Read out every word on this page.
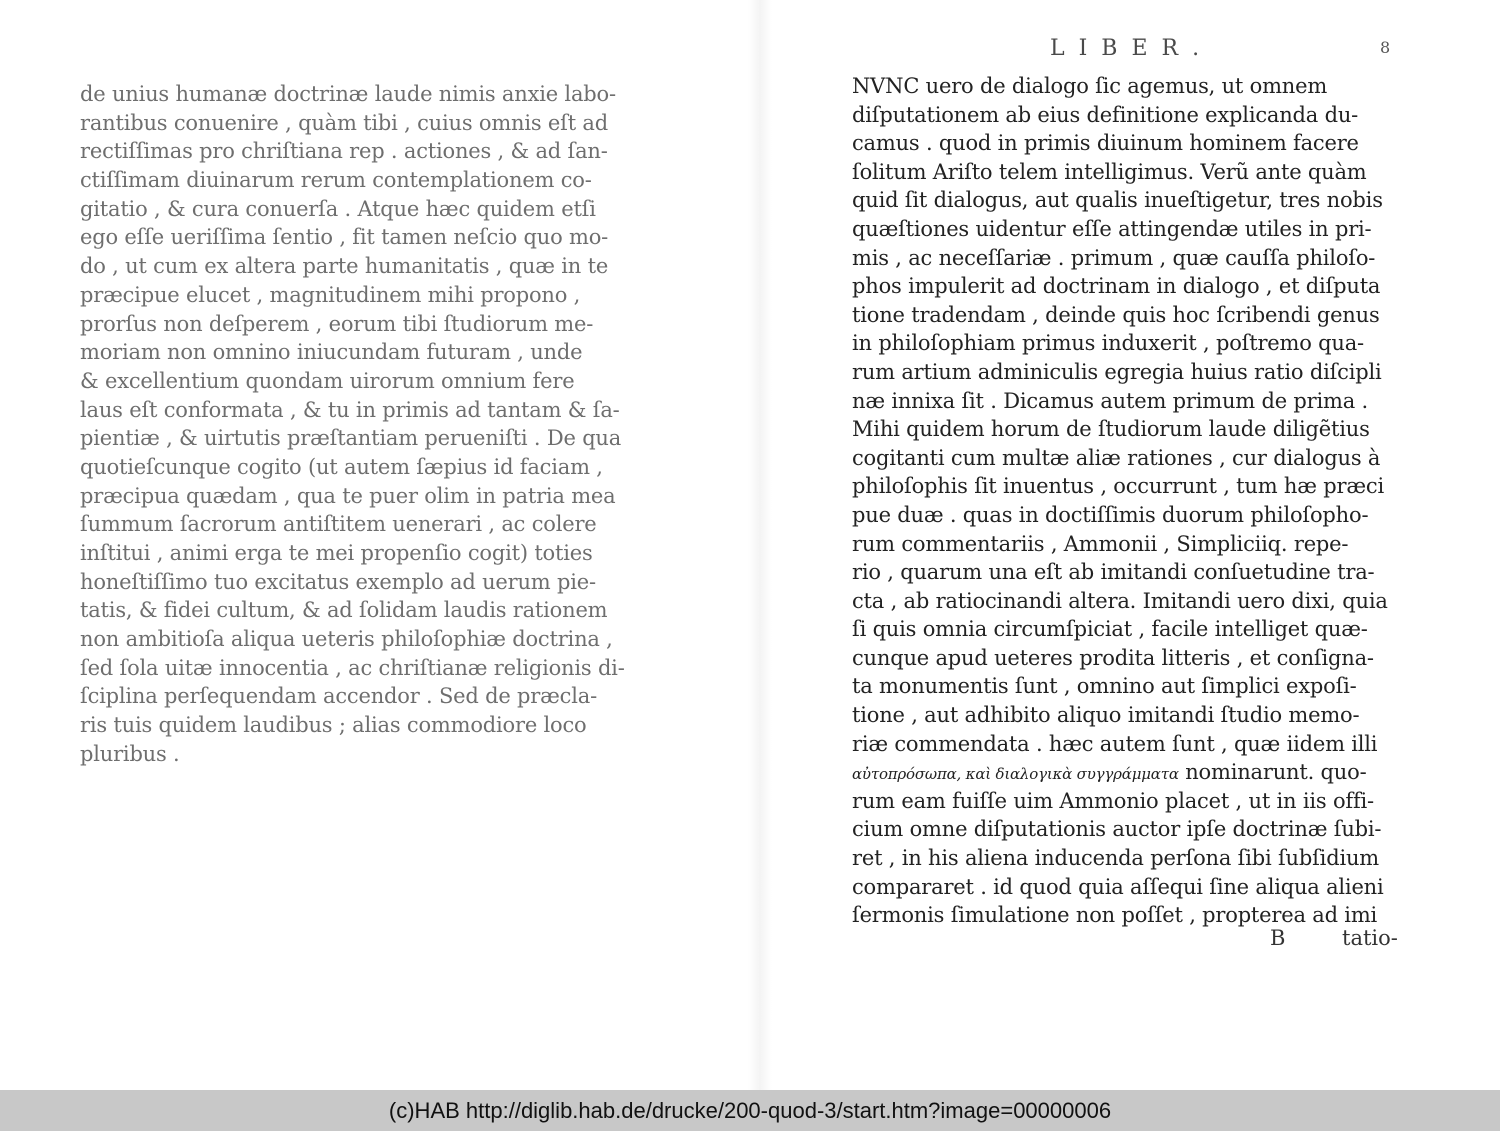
de unius humanæ doctrinæ laude nimis anxie labo-
rantibus conuenire , quàm tibi , cuius omnis eſt ad
rectiſſimas pro chriſtiana rep . actiones , & ad ſan-
ctiſſimam diuinarum rerum contemplationem co-
gitatio , & cura conuerſa . Atque hæc quidem etſi
ego eſſe ueriſſima ſentio , fit tamen neſcio quo mo-
do , ut cum ex altera parte humanitatis , quæ in te
præcipue elucet , magnitudinem mihi propono ,
prorſus non deſperem , eorum tibi ſtudiorum me-
moriam non omnino iniucundam futuram , unde
& excellentium quondam uirorum omnium fere
laus eſt conformata , & tu in primis ad tantam & ſa-
pientiæ , & uirtutis præſtantiam perueniſti . De qua
quotieſcunque cogito (ut autem ſæpius id faciam ,
præcipua quædam , qua te puer olim in patria mea
ſummum ſacrorum antiſtitem uenerari , ac colere
inſtitui , animi erga te mei propenſio cogit) toties
honeſtiſſimo tuo excitatus exemplo ad uerum pie-
tatis, & fidei cultum, & ad ſolidam laudis rationem
non ambitioſa aliqua ueteris philoſophiæ doctrina ,
ſed ſola uitæ innocentia , ac chriſtianæ religionis di-
ſciplina perſequendam accendor . Sed de præcla-
ris tuis quidem laudibus ; alias commodiore loco
pluribus .
LIBER.	8
NVNC uero de dialogo ſic agemus, ut omnem
diſputationem ab eius definitione explicanda du-
camus . quod in primis diuinum hominem facere
ſolitum Ariſto telem intelligimus. Verũ ante quàm
quid ſit dialogus, aut qualis inueſtigetur, tres nobis
quæſtiones uidentur eſſe attingendæ utiles in pri-
mis , ac neceſſariæ . primum , quæ cauſſa philoſo-
phos impulerit ad doctrinam in dialogo , et diſputa
tione tradendam , deinde quis hoc ſcribendi genus
in philoſophiam primus induxerit , poſtremo qua-
rum artium adminiculis egregia huius ratio diſcipli
næ innixa ſit . Dicamus autem primum de prima .
Mihi quidem horum de ſtudiorum laude diligẽtius
cogitanti cum multæ aliæ rationes , cur dialogus à
philoſophis ſit inuentus , occurrunt , tum hæ præci
pue duæ . quas in doctiſſimis duorum philoſopho-
rum commentariis , Ammonii , Simpliciiq. repe-
rio , quarum una eſt ab imitandi conſuetudine tra-
cta , ab ratiocinandi altera. Imitandi uero dixi, quia
ſi quis omnia circumſpiciat , facile intelliget quæ-
cunque apud ueteres prodita litteris , et conſigna-
ta monumentis ſunt , omnino aut ſimplici expoſi-
tione , aut adhibito aliquo imitandi ſtudio memo-
riæ commendata . hæc autem ſunt , quæ iidem illi
αὐτοπρόσωπα, καὶ διαλογικὰ συγγράμματα nominarunt. quo-
rum eam fuiſſe uim Ammonio placet , ut in iis offi-
cium omne diſputationis auctor ipſe doctrinæ ſubi-
ret , in his aliena inducenda perſona ſibi ſubſidium
compararet . id quod quia aſſequi ſine aliqua alieni
ſermonis ſimulatione non poſſet , propterea ad imi
B	tatio-
(c)HAB http://diglib.hab.de/drucke/200-quod-3/start.htm?image=00000006
